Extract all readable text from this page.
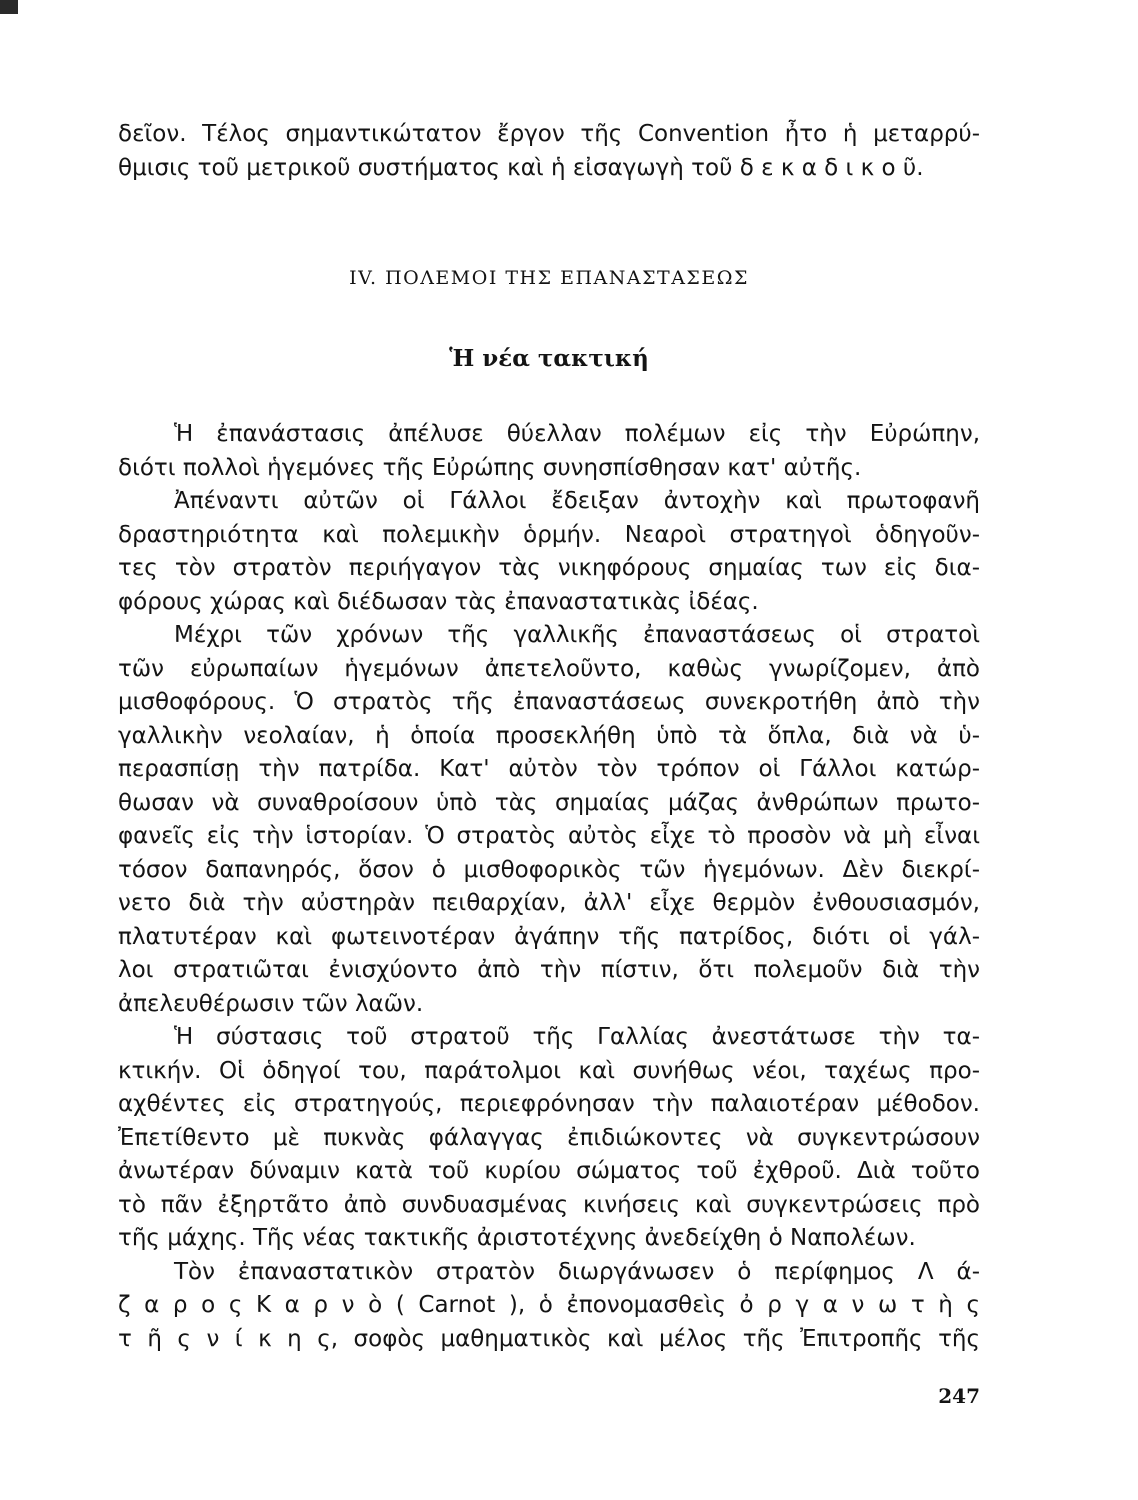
δεῖον. Τέλος σημαντικώτατον ἔργον τῆς Convention ἦτο ἡ μεταρρύ-
θμισις τοῦ μετρικοῦ συστήματος καὶ ἡ εἰσαγωγὴ τοῦ δ ε κ α δ ι κ ο ῦ.
IV. ΠΟΛΕΜΟΙ ΤΗΣ ΕΠΑΝΑΣΤΑΣΕΩΣ
Ἡ νέα τακτική
Ἡ ἐπανάστασις ἀπέλυσε θύελλαν πολέμων εἰς τὴν Εὐρώπην,
διότι πολλοὶ ἡγεμόνες τῆς Εὐρώπης συνησπίσθησαν κατ' αὐτῆς.
Ἀπέναντι αὐτῶν οἱ Γάλλοι ἔδειξαν ἀντοχὴν καὶ πρωτοφανῆ
δραστηριότητα καὶ πολεμικὴν ὁρμήν. Νεαροὶ στρατηγοὶ ὁδηγοῦν-
τες τὸν στρατὸν περιήγαγον τὰς νικηφόρους σημαίας των εἰς δια-
φόρους χώρας καὶ διέδωσαν τὰς ἐπαναστατικὰς ἰδέας.
Μέχρι τῶν χρόνων τῆς γαλλικῆς ἐπαναστάσεως οἱ στρατοὶ
τῶν εὐρωπαίων ἡγεμόνων ἀπετελοῦντο, καθὼς γνωρίζομεν, ἀπὸ
μισθοφόρους. Ὁ στρατὸς τῆς ἐπαναστάσεως συνεκροτήθη ἀπὸ τὴν
γαλλικὴν νεολαίαν, ἡ ὁποία προσεκλήθη ὑπὸ τὰ ὅπλα, διὰ νὰ ὑ-
περασπίσῃ τὴν πατρίδα. Κατ' αὐτὸν τὸν τρόπον οἱ Γάλλοι κατώρ-
θωσαν νὰ συναθροίσουν ὑπὸ τὰς σημαίας μάζας ἀνθρώπων πρωτο-
φανεῖς εἰς τὴν ἱστορίαν. Ὁ στρατὸς αὐτὸς εἶχε τὸ προσὸν νὰ μὴ εἶναι
τόσον δαπανηρός, ὅσον ὁ μισθοφορικὸς τῶν ἡγεμόνων. Δὲν διεκρί-
νετο διὰ τὴν αὐστηρὰν πειθαρχίαν, ἀλλ' εἶχε θερμὸν ἐνθουσιασμόν,
πλατυτέραν καὶ φωτεινοτέραν ἀγάπην τῆς πατρίδος, διότι οἱ γάλ-
λοι στρατιῶται ἐνισχύοντο ἀπὸ τὴν πίστιν, ὅτι πολεμοῦν διὰ τὴν
ἀπελευθέρωσιν τῶν λαῶν.
Ἡ σύστασις τοῦ στρατοῦ τῆς Γαλλίας ἀνεστάτωσε τὴν τα-
κτικήν. Οἱ ὁδηγοί του, παράτολμοι καὶ συνήθως νέοι, ταχέως προ-
αχθέντες εἰς στρατηγούς, περιεφρόνησαν τὴν παλαιοτέραν μέθοδον.
Ἐπετίθεντο μὲ πυκνὰς φάλαγγας ἐπιδιώκοντες νὰ συγκεντρώσουν
ἀνωτέραν δύναμιν κατὰ τοῦ κυρίου σώματος τοῦ ἐχθροῦ. Διὰ τοῦτο
τὸ πᾶν ἐξηρτᾶτο ἀπὸ συνδυασμένας κινήσεις καὶ συγκεντρώσεις πρὸ
τῆς μάχης. Τῆς νέας τακτικῆς ἀριστοτέχνης ἀνεδείχθη ὁ Ναπολέων.
Τὸν ἐπαναστατικὸν στρατὸν διωργάνωσεν ὁ περίφημος Λ ά-
ζ α ρ ο ς Κ α ρ ν ὸ ( Carnot ), ὁ ἐπονομασθεὶς ὀ ρ γ α ν ω τ ὴ ς
τ ῆ ς ν ί κ η ς, σοφὸς μαθηματικὸς καὶ μέλος τῆς Ἐπιτροπῆς τῆς
247
